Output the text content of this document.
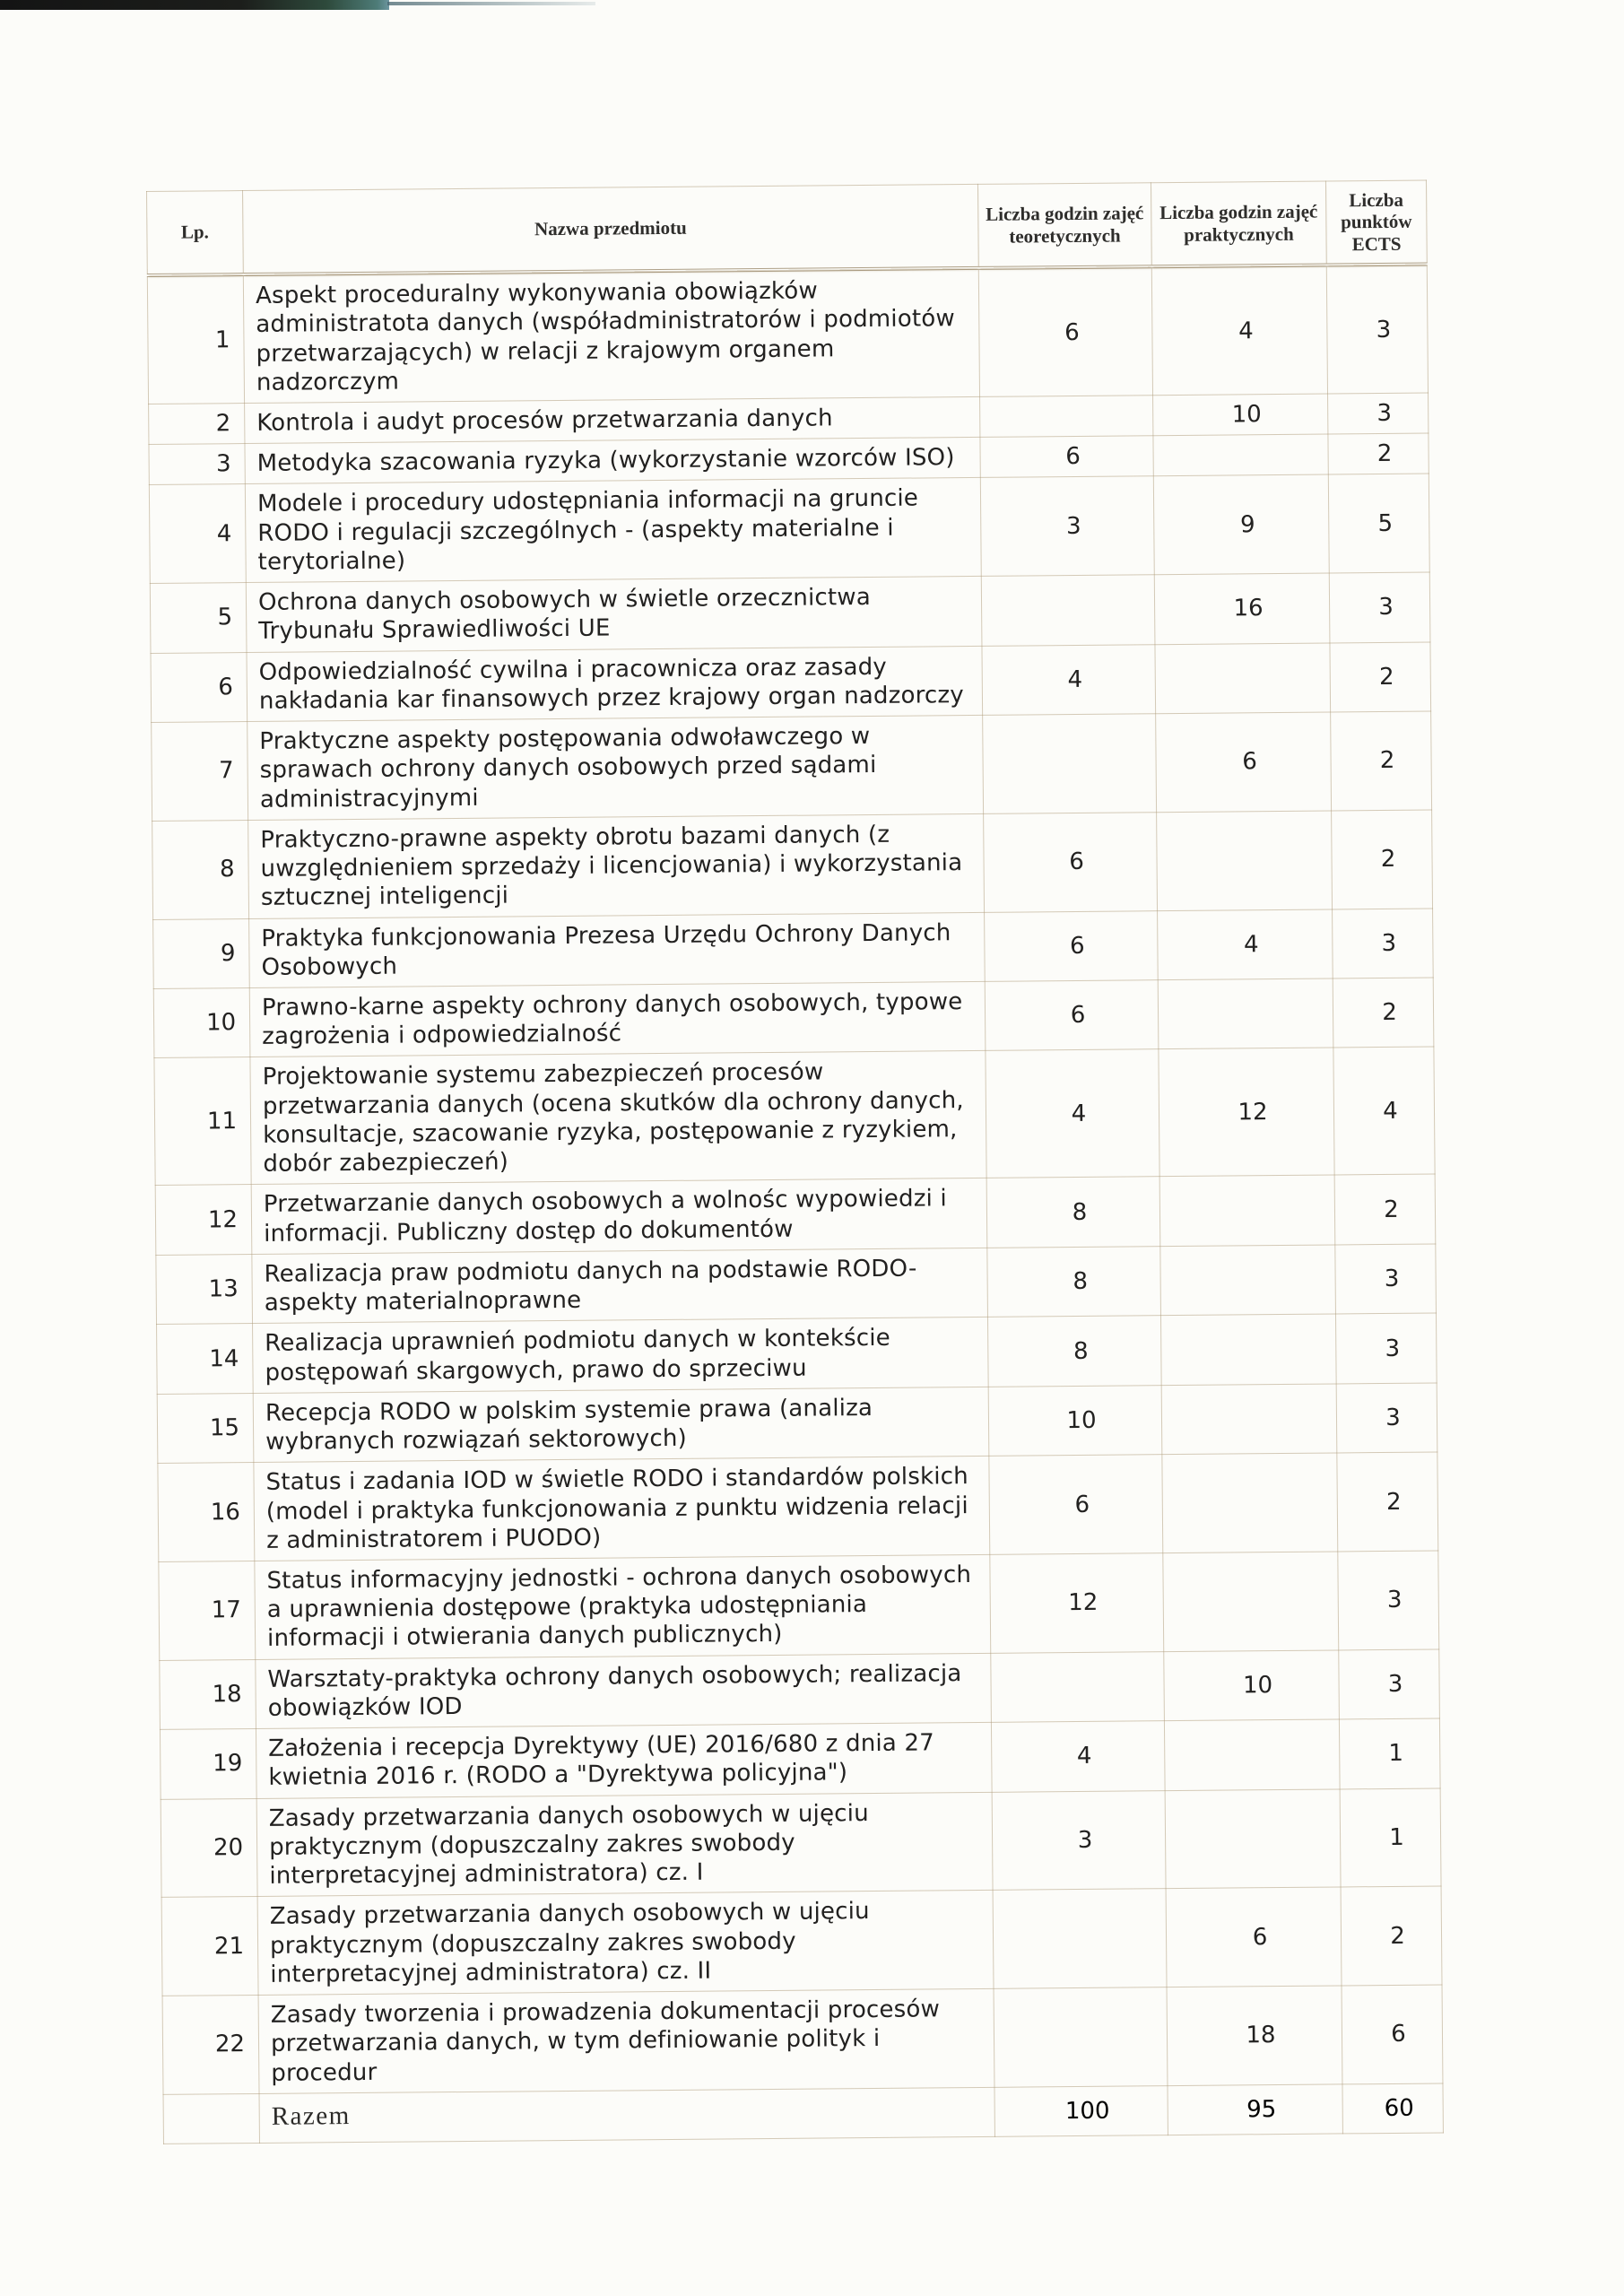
Lp.	Nazwa przedmiotu	Liczba godzin zajęć teoretycznych	Liczba godzin zajęć praktycznych	Liczba punktów ECTS
1	Aspekt proceduralny wykonywania obowiązków administratota danych (współadministratorów i podmiotów przetwarzających) w relacji z krajowym organem nadzorczym	6	4	3
2	Kontrola i audyt procesów przetwarzania danych		10	3
3	Metodyka szacowania ryzyka (wykorzystanie wzorców ISO)	6		2
4	Modele i procedury udostępniania informacji na gruncie RODO i regulacji szczególnych - (aspekty materialne i terytorialne)	3	9	5
5	Ochrona danych osobowych w świetle orzecznictwa Trybunału Sprawiedliwości UE		16	3
6	Odpowiedzialność cywilna i pracownicza oraz zasady nakładania kar finansowych przez krajowy organ nadzorczy	4		2
7	Praktyczne aspekty postępowania odwoławczego w sprawach ochrony danych osobowych przed sądami administracyjnymi		6	2
8	Praktyczno-prawne aspekty obrotu bazami danych (z uwzględnieniem sprzedaży i licencjowania) i wykorzystania sztucznej inteligencji	6		2
9	Praktyka funkcjonowania Prezesa Urzędu Ochrony Danych Osobowych	6	4	3
10	Prawno-karne aspekty ochrony danych osobowych, typowe zagrożenia i odpowiedzialność	6		2
11	Projektowanie systemu zabezpieczeń procesów przetwarzania danych (ocena skutków dla ochrony danych, konsultacje, szacowanie ryzyka, postępowanie z ryzykiem, dobór zabezpieczeń)	4	12	4
12	Przetwarzanie danych osobowych a wolnośc wypowiedzi i informacji. Publiczny dostęp do dokumentów	8		2
13	Realizacja praw podmiotu danych na podstawie RODO- aspekty materialnoprawne	8		3
14	Realizacja uprawnień podmiotu danych w kontekście postępowań skargowych, prawo do sprzeciwu	8		3
15	Recepcja RODO w polskim systemie prawa (analiza wybranych rozwiązań sektorowych)	10		3
16	Status i zadania IOD w świetle RODO i standardów polskich (model i praktyka funkcjonowania z punktu widzenia relacji z administratorem i PUODO)	6		2
17	Status informacyjny jednostki - ochrona danych osobowych a uprawnienia dostępowe (praktyka udostępniania informacji i otwierania danych publicznych)	12		3
18	Warsztaty-praktyka ochrony danych osobowych; realizacja obowiązków IOD		10	3
19	Założenia i recepcja Dyrektywy (UE) 2016/680 z dnia 27 kwietnia 2016 r. (RODO a "Dyrektywa policyjna")	4		1
20	Zasady przetwarzania danych osobowych w ujęciu praktycznym (dopuszczalny zakres swobody interpretacyjnej administratora) cz. I	3		1
21	Zasady przetwarzania danych osobowych w ujęciu praktycznym (dopuszczalny zakres swobody interpretacyjnej administratora) cz. II		6	2
22	Zasady tworzenia i prowadzenia dokumentacji procesów przetwarzania danych, w tym definiowanie polityk i procedur		18	6
	Razem	100	95	60
